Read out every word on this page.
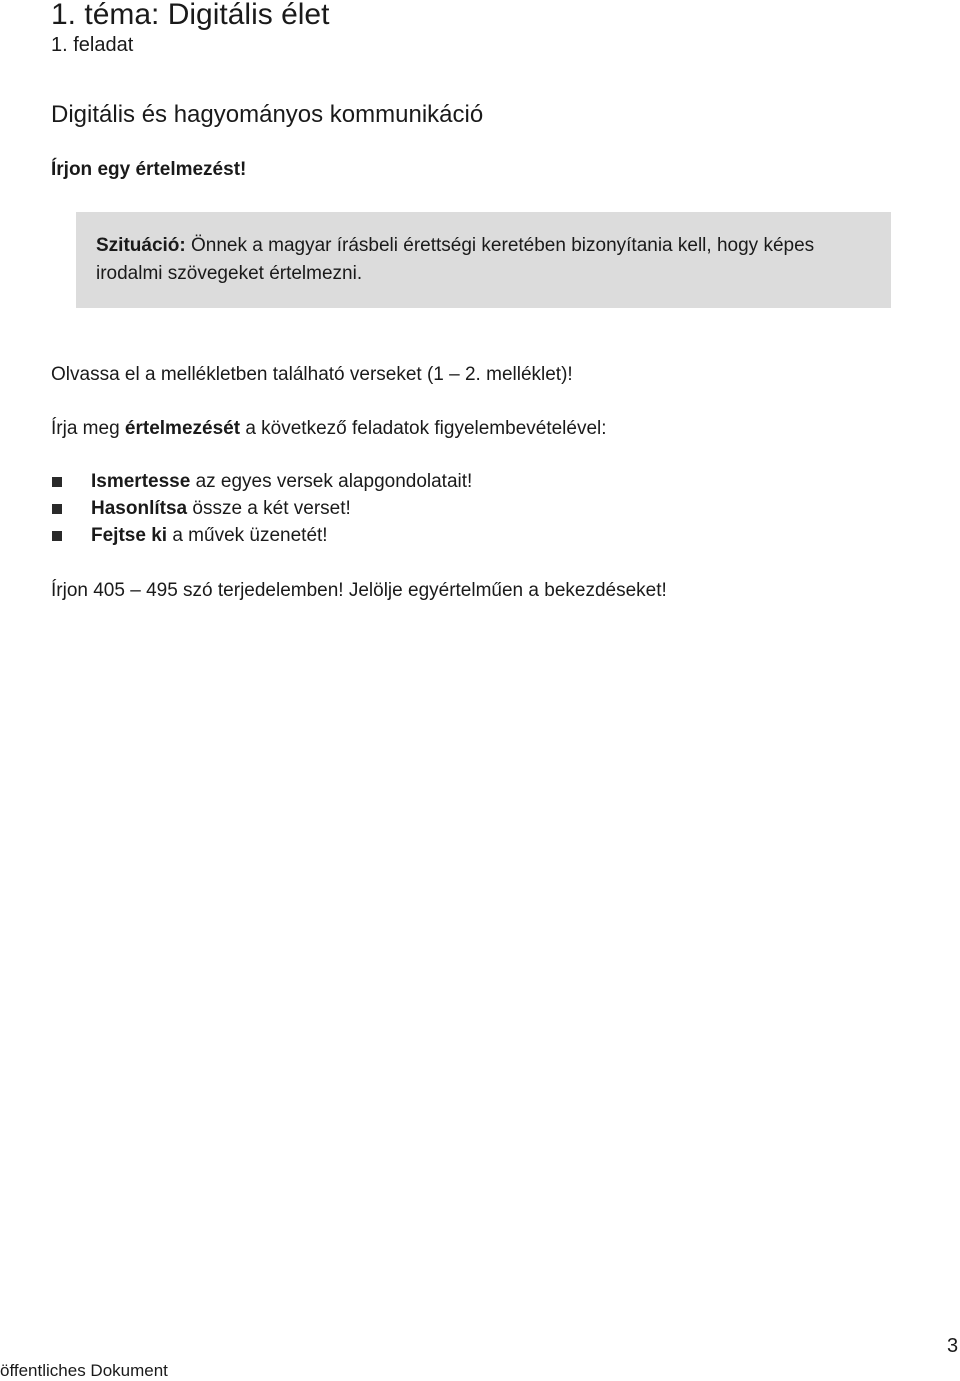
1. téma: Digitális élet
1. feladat
Digitális és hagyományos kommunikáció
Írjon egy értelmezést!

Szituáció: Önnek a magyar írásbeli érettségi keretében bizonyítania kell, hogy képes irodalmi szövegeket értelmezni.

Olvassa el a mellékletben található verseket (1 – 2. melléklet)!
Írja meg értelmezését a következő feladatok figyelembevételével:
Ismertesse az egyes versek alapgondolatait!
Hasonlítsa össze a két verset!
Fejtse ki a művek üzenetét!
Írjon 405 – 495 szó terjedelemben! Jelölje egyértelműen a bekezdéseket!
3
öffentliches Dokument
